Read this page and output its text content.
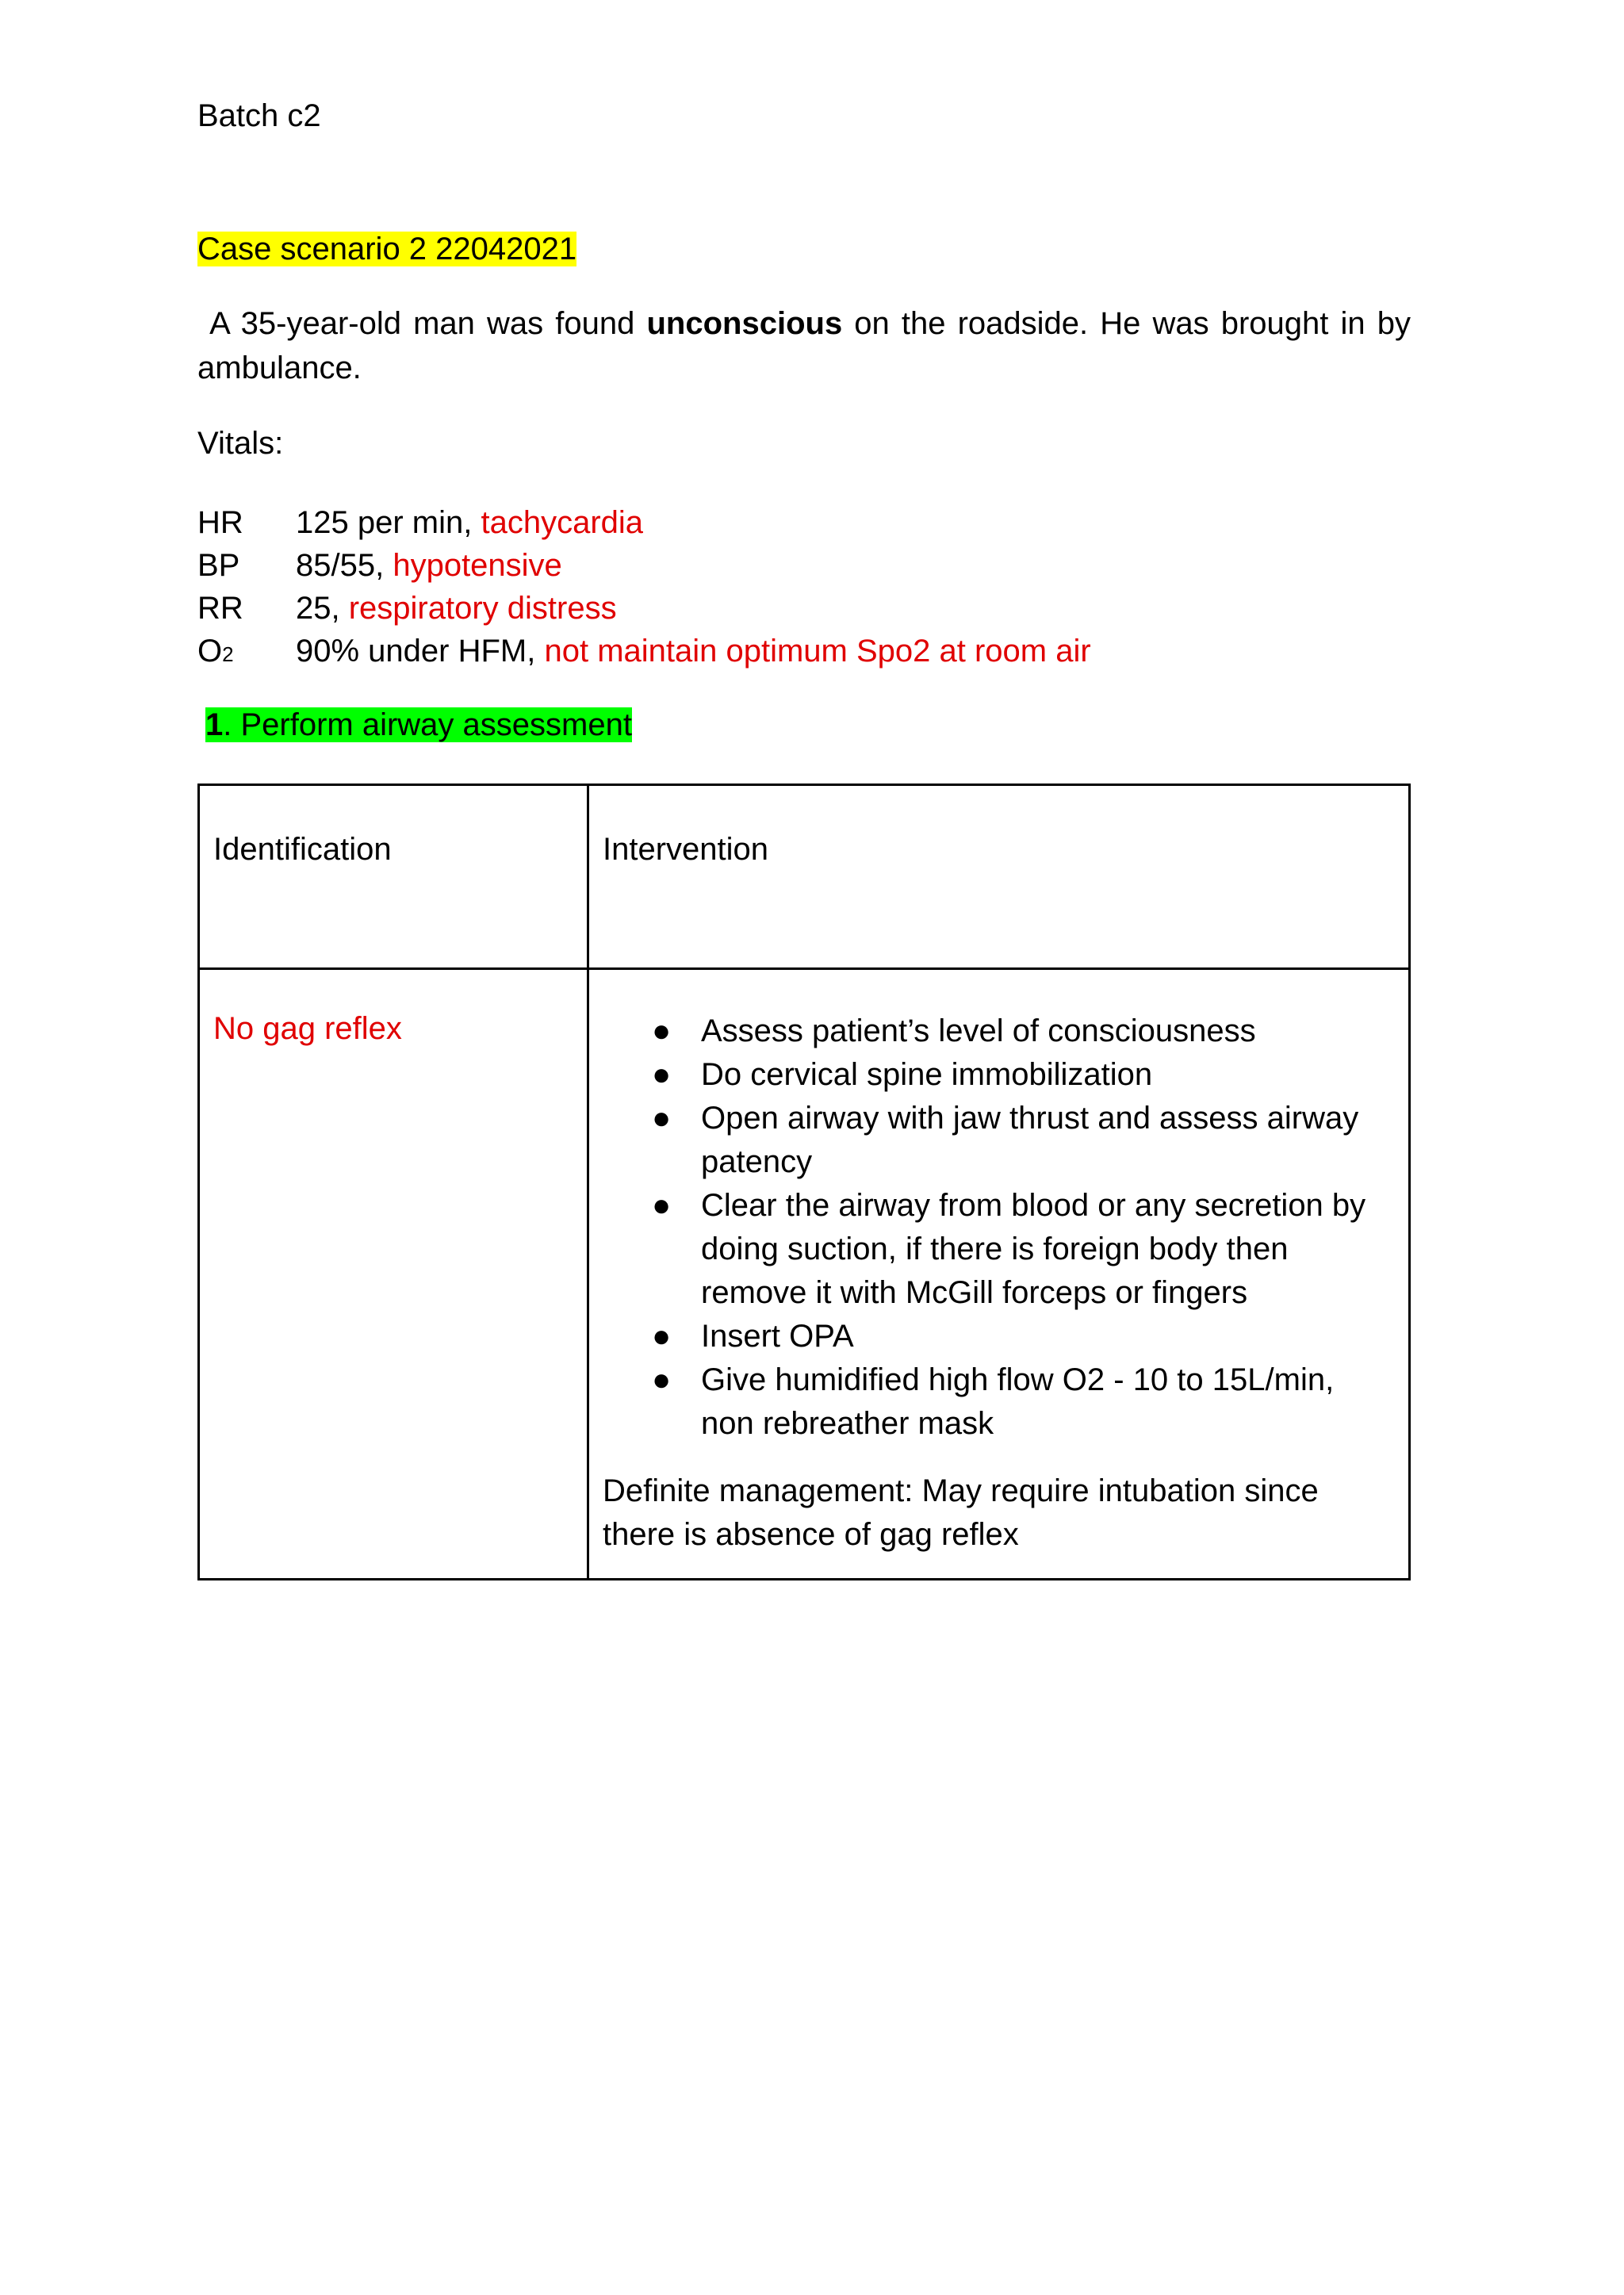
Batch c2
Case scenario 2 22042021
A 35-year-old man was found unconscious on the roadside. He was brought in by ambulance.
Vitals:
HR 125 per min, tachycardia
BP 85/55, hypotensive
RR 25, respiratory distress
O2 90% under HFM, not maintain optimum Spo2 at room air
1. Perform airway assessment
Identification	Intervention
No gag reflex	● Assess patient’s level of consciousness
● Do cervical spine immobilization
● Open airway with jaw thrust and assess airway patency
● Clear the airway from blood or any secretion by doing suction, if there is foreign body then remove it with McGill forceps or fingers
● Insert OPA
● Give humidified high flow O2 - 10 to 15L/min, non rebreather mask
Definite management: May require intubation since there is absence of gag reflex
